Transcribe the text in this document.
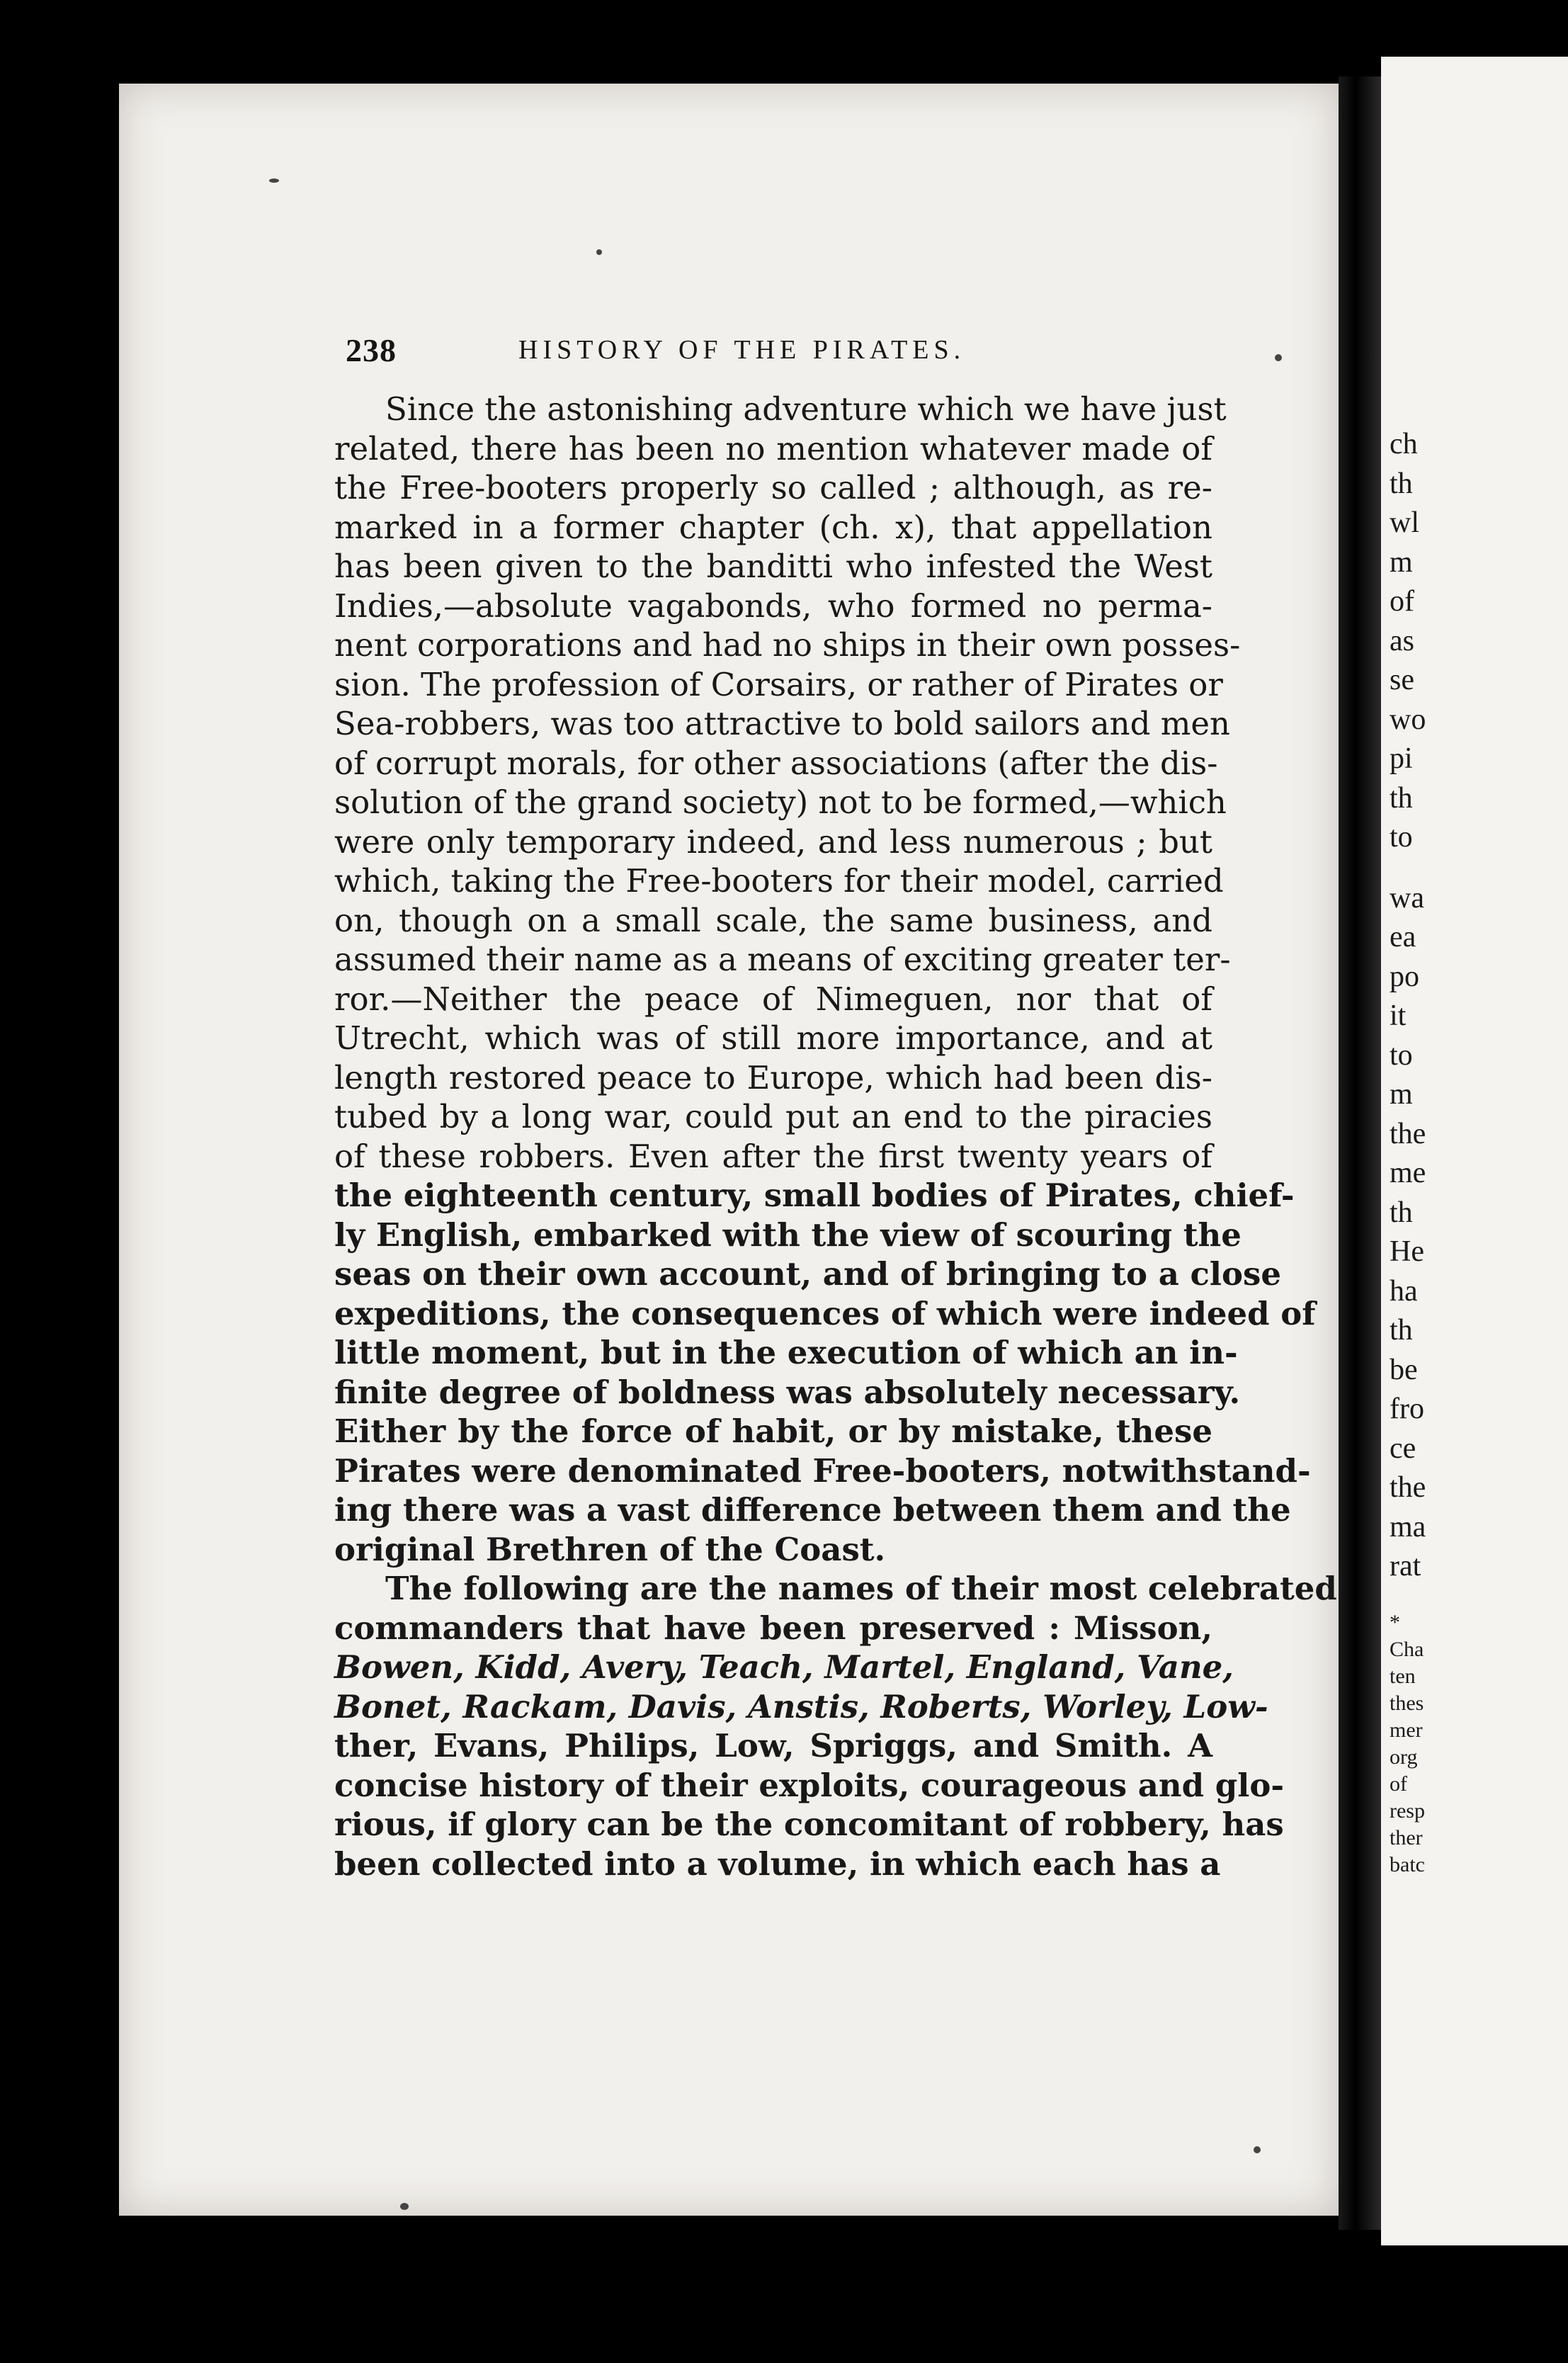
ch
th
wl
m
of
as
se
wo
pi
th
to
wa
ea
po
it
to
m
the
me
th
He
ha
th
be
fro
ce
the
ma
rat
*
Cha
ten
thes
mer
org
of
resp
ther
batc
238	HISTORY OF THE PIRATES.
Since the astonishing adventure which we have just
related, there has been no mention whatever made of
the Free-booters properly so called ; although, as re-
marked in a former chapter (ch. x), that appellation
has been given to the banditti who infested the West
Indies,—absolute vagabonds, who formed no perma-
nent corporations and had no ships in their own posses-
sion. The profession of Corsairs, or rather of Pirates or
Sea-robbers, was too attractive to bold sailors and men
of corrupt morals, for other associations (after the dis-
solution of the grand society) not to be formed,—which
were only temporary indeed, and less numerous ; but
which, taking the Free-booters for their model, carried
on, though on a small scale, the same business, and
assumed their name as a means of exciting greater ter-
ror.—Neither the peace of Nimeguen, nor that of
Utrecht, which was of still more importance, and at
length restored peace to Europe, which had been dis-
tubed by a long war, could put an end to the piracies
of these robbers. Even after the first twenty years of
the eighteenth century, small bodies of Pirates, chief-
ly English, embarked with the view of scouring the
seas on their own account, and of bringing to a close
expeditions, the consequences of which were indeed of
little moment, but in the execution of which an in-
finite degree of boldness was absolutely necessary.
Either by the force of habit, or by mistake, these
Pirates were denominated Free-booters, notwithstand-
ing there was a vast difference between them and the
original Brethren of the Coast.
The following are the names of their most celebrated
commanders that have been preserved : Misson,
Bowen, Kidd, Avery, Teach, Martel, England, Vane,
Bonet, Rackam, Davis, Anstis, Roberts, Worley, Low-
ther, Evans, Philips, Low, Spriggs, and Smith. A
concise history of their exploits, courageous and glo-
rious, if glory can be the concomitant of robbery, has
been collected into a volume, in which each has a
